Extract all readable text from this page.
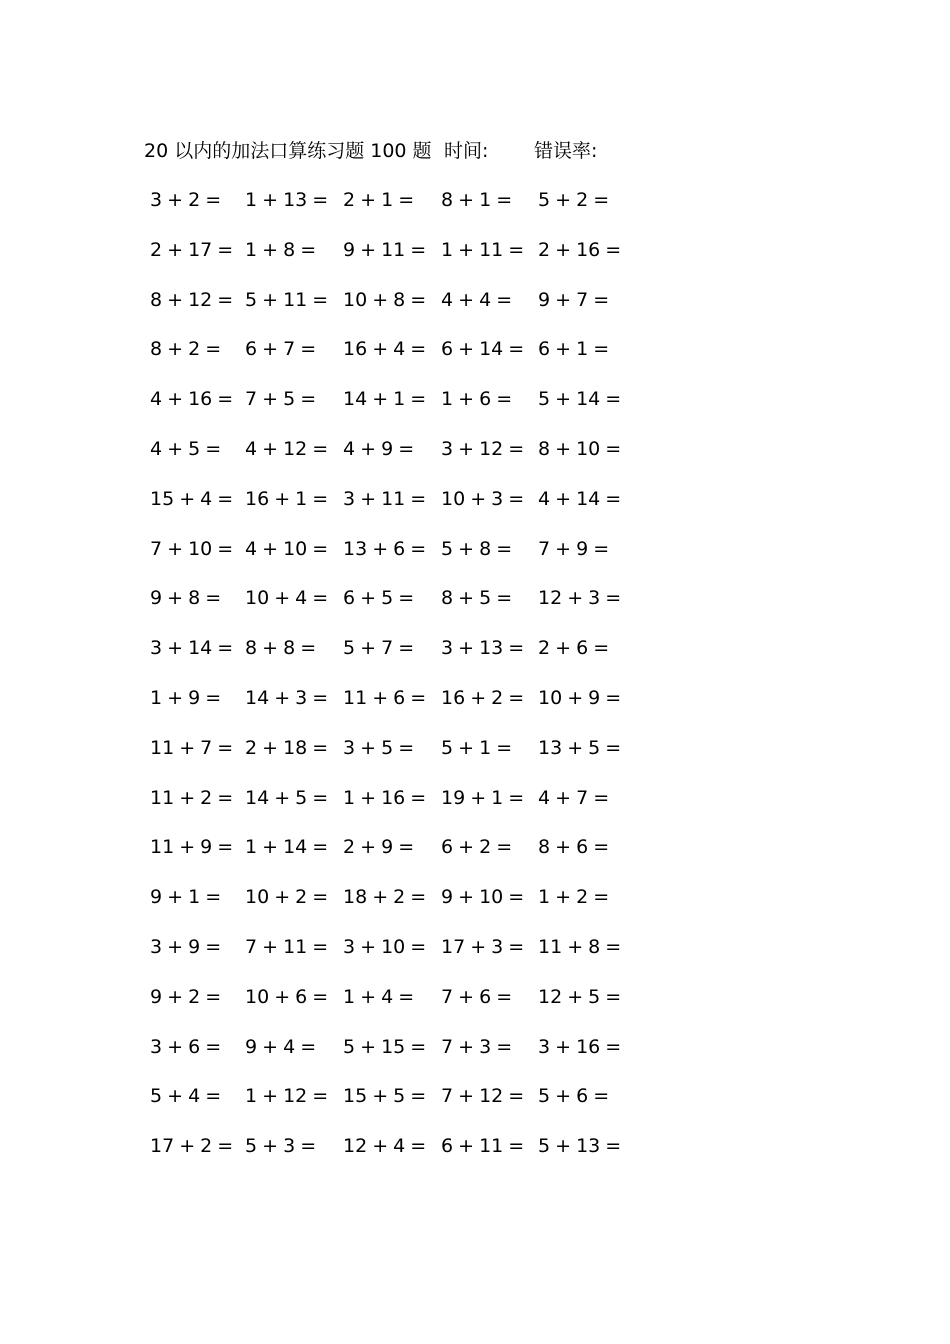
20 以内的加法口算练习题 100 题 时间: 错误率:
3 + 2 = 1 + 13 = 2 + 1 = 8 + 1 = 5 + 2 =
2 + 17 = 1 + 8 = 9 + 11 = 1 + 11 = 2 + 16 =
8 + 12 = 5 + 11 = 10 + 8 = 4 + 4 = 9 + 7 =
8 + 2 = 6 + 7 = 16 + 4 = 6 + 14 = 6 + 1 =
4 + 16 = 7 + 5 = 14 + 1 = 1 + 6 = 5 + 14 =
4 + 5 = 4 + 12 = 4 + 9 = 3 + 12 = 8 + 10 =
15 + 4 = 16 + 1 = 3 + 11 = 10 + 3 = 4 + 14 =
7 + 10 = 4 + 10 = 13 + 6 = 5 + 8 = 7 + 9 =
9 + 8 = 10 + 4 = 6 + 5 = 8 + 5 = 12 + 3 =
3 + 14 = 8 + 8 = 5 + 7 = 3 + 13 = 2 + 6 =
1 + 9 = 14 + 3 = 11 + 6 = 16 + 2 = 10 + 9 =
11 + 7 = 2 + 18 = 3 + 5 = 5 + 1 = 13 + 5 =
11 + 2 = 14 + 5 = 1 + 16 = 19 + 1 = 4 + 7 =
11 + 9 = 1 + 14 = 2 + 9 = 6 + 2 = 8 + 6 =
9 + 1 = 10 + 2 = 18 + 2 = 9 + 10 = 1 + 2 =
3 + 9 = 7 + 11 = 3 + 10 = 17 + 3 = 11 + 8 =
9 + 2 = 10 + 6 = 1 + 4 = 7 + 6 = 12 + 5 =
3 + 6 = 9 + 4 = 5 + 15 = 7 + 3 = 3 + 16 =
5 + 4 = 1 + 12 = 15 + 5 = 7 + 12 = 5 + 6 =
17 + 2 = 5 + 3 = 12 + 4 = 6 + 11 = 5 + 13 =
